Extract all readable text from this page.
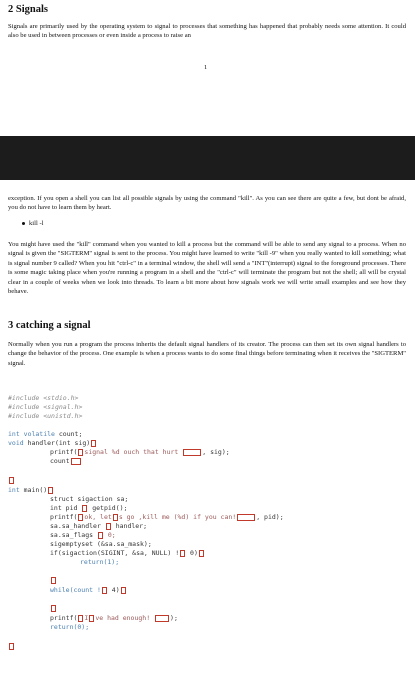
2 Signals

Signals are primarily used by the operating system to signal to processes that something has happened that probably needs some attention. It could also be used in between processes or even inside a process to raise an

1

exception. If you open a shell you can list all possible signals by using the command "kill". As you can see there are quite a few, but dont be afraid, you do not have to learn them by heart.

kill -l

You might have used the "kill" command when you wanted to kill a process but the command will be able to send any signal to a process. When no signal is given the "SIGTERM" signal is sent to the process. You might have learned to write "kill -9" when you really wanted to kill something; what is signal number 9 called? When you hit "ctrl-c" in a terminal window, the shell will send a "INT"(interrupt) signal to the foreground processes. There is some magic taking place when you're running a program in a shell and the "ctrl-c" will terminate the program but not the shell; all will be crystal clear in a couple of weeks when we look into threads. To learn a bit more about how signals work we will write small examples and see how they behave.

3 catching a signal

Normally when you run a program the process inherits the default signal handlers of its creator. The process can then set its own signal handlers to change the behavior of the process. One example is when a process wants to do some final things before terminating when it receives the "SIGTERM" signal.

#include <stdio.h>
#include <signal.h>
#include <unistd.h>
int volatile count;
void handler(int sig)
printf( signal %d ouch that hurt	, sig);
count
int main()
struct sigaction sa;
int pid  getpid();
printf( ok, let s go ,kill me (%d) if you can!	, pid);
sa.sa_handler  handler;
sa.sa_flags  0;
sigemptyset (&sa.sa_mask);
if(sigaction(SIGINT, &sa, NULL) ! 0)
return(1);
while(count ! 4)
printf( I ve had enough! );
return(0);
